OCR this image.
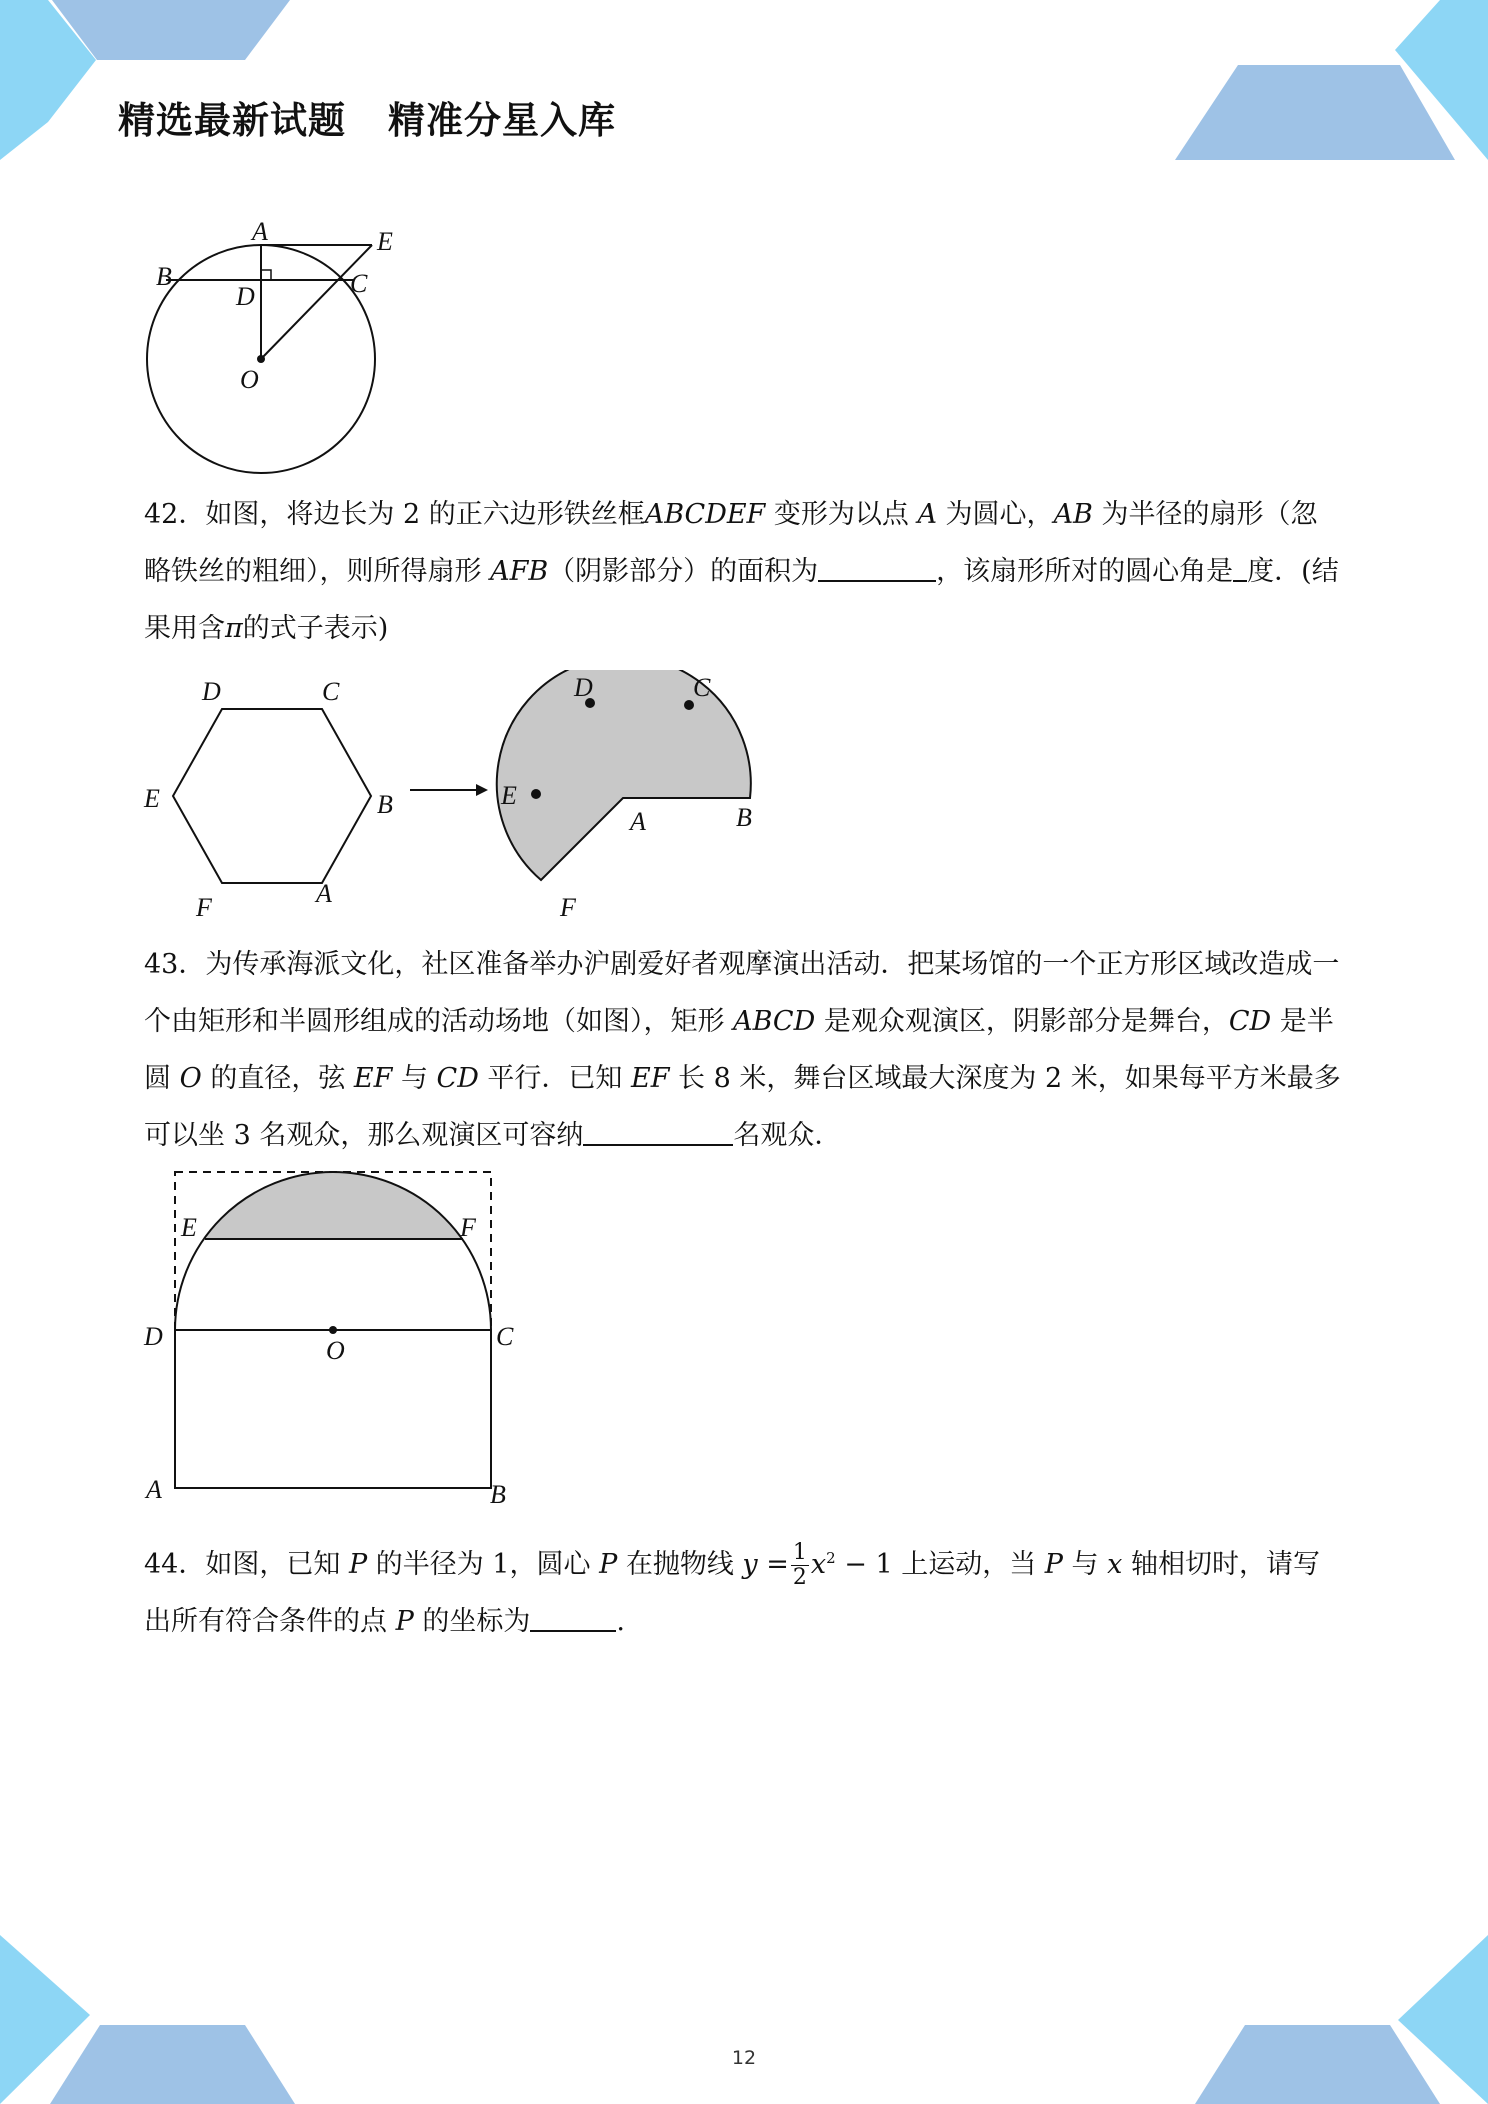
精选最新试题 精准分星入库
A
B	C
D
E
O

42．如图，将边长为 2 的正六边形铁丝框ABCDEF 变形为以点 A 为圆心，AB 为半径的扇形（忽略铁丝的粗细），则所得扇形 AFB（阴影部分）的面积为	，该扇形所对的圆心角是 度．(结果用含π的式子表示)

D	C
E	B
F	A
D	C
E
A	B
F

43．为传承海派文化，社区准备举办沪剧爱好者观摩演出活动．把某场馆的一个正方形区域改造成一个由矩形和半圆形组成的活动场地（如图），矩形 ABCD 是观众观演区，阴影部分是舞台，CD 是半圆 O 的直径，弦 EF 与 CD 平行．已知 EF 长 8 米，舞台区域最大深度为 2 米，如果每平方米最多可以坐 3 名观众，那么观演区可容纳	名观众．

E	F
D	C
O
A	B

44．如图，已知 P 的半径为 1，圆心 P 在抛物线 $y = \frac{1}{2} x^2 - 1$ 上运动，当 P 与 x 轴相切时，请写出所有符合条件的点 P 的坐标为	.

12
